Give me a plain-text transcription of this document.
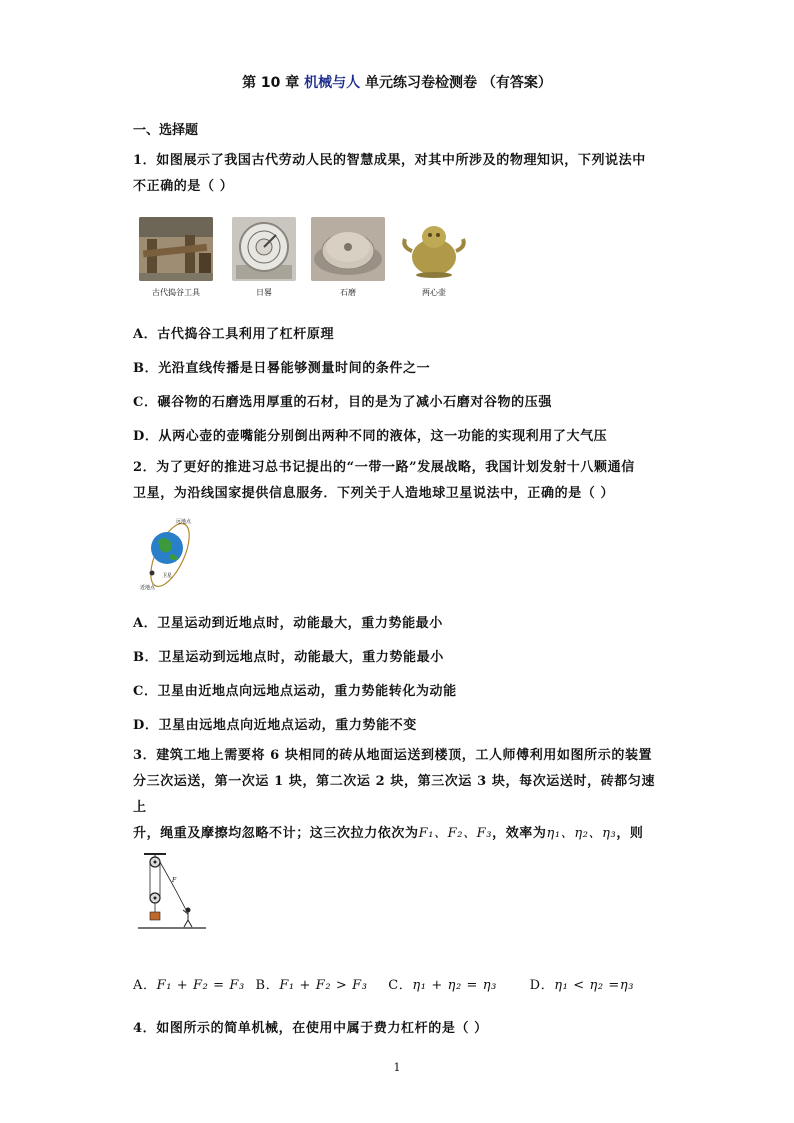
第 10 章 机械与人 单元练习卷检测卷 （有答案）
一、选择题
1．如图展示了我国古代劳动人民的智慧成果，对其中所涉及的物理知识，下列说法中
不正确的是（ ）
古代捣谷工具	日晷	石磨	两心壶
A．古代捣谷工具利用了杠杆原理
B．光沿直线传播是日晷能够测量时间的条件之一
C．碾谷物的石磨选用厚重的石材，目的是为了减小石磨对谷物的压强
D．从两心壶的壶嘴能分别倒出两种不同的液体，这一功能的实现利用了大气压
2．为了更好的推进习总书记提出的“一带一路”发展战略，我国计划发射十八颗通信
卫星，为沿线国家提供信息服务．下列关于人造地球卫星说法中，正确的是（ ）
远地点
卫星
近地点
A．卫星运动到近地点时，动能最大，重力势能最小
B．卫星运动到远地点时，动能最大，重力势能最小
C．卫星由近地点向远地点运动，重力势能转化为动能
D．卫星由远地点向近地点运动，重力势能不变
3．建筑工地上需要将 6 块相同的砖从地面运送到楼顶，工人师傅利用如图所示的装置
分三次运送，第一次运 1 块，第二次运 2 块，第三次运 3 块，每次运送时，砖都匀速上
升，绳重及摩擦均忽略不计；这三次拉力依次为F₁、F₂、F₃，效率为η₁、η₂、η₃，则
F
A．F₁ + F₂ = F₃ B．F₁ + F₂ > F₃ C．η₁ + η₂ = η₃	D．η₁ < η₂ =η₃
4．如图所示的简单机械，在使用中属于费力杠杆的是（ ）
1
